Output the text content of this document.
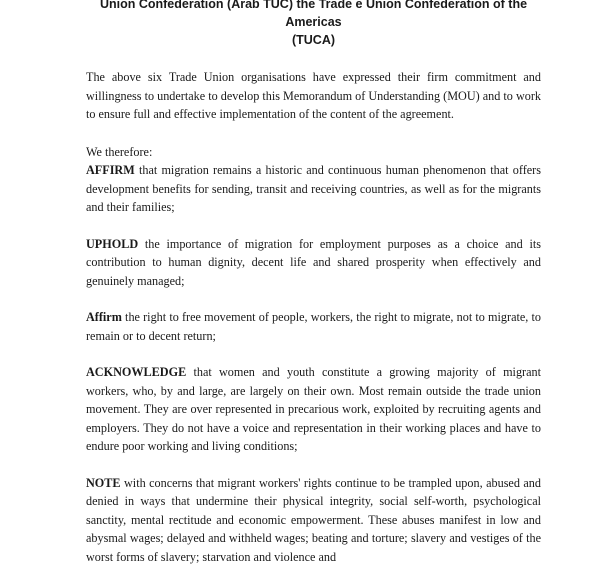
Union Confederation (Arab TUC) the Trade e Union Confederation of the Americas
(TUCA)

The above six Trade Union organisations have expressed their firm commitment and willingness to undertake to develop this Memorandum of Understanding (MOU) and to work to ensure full and effective implementation of the content of the agreement.

We therefore:

AFFIRM that migration remains a historic and continuous human phenomenon that offers development benefits for sending, transit and receiving countries, as well as for the migrants and their families;

UPHOLD the importance of migration for employment purposes as a choice and its contribution to human dignity, decent life and shared prosperity when effectively and genuinely managed;

Affirm the right to free movement of people, workers, the right to migrate, not to migrate, to remain or to decent return;

ACKNOWLEDGE that women and youth constitute a growing majority of migrant workers, who, by and large, are largely on their own. Most remain outside the trade union movement. They are over represented in precarious work, exploited by recruiting agents and employers. They do not have a voice and representation in their working places and have to endure poor working and living conditions;

NOTE with concerns that migrant workers' rights continue to be trampled upon, abused and denied in ways that undermine their physical integrity, social self-worth, psychological sanctity, mental rectitude and economic empowerment. These abuses manifest in low and abysmal wages; delayed and withheld wages; beating and torture; slavery and vestiges of the worst forms of slavery; starvation and violence and
